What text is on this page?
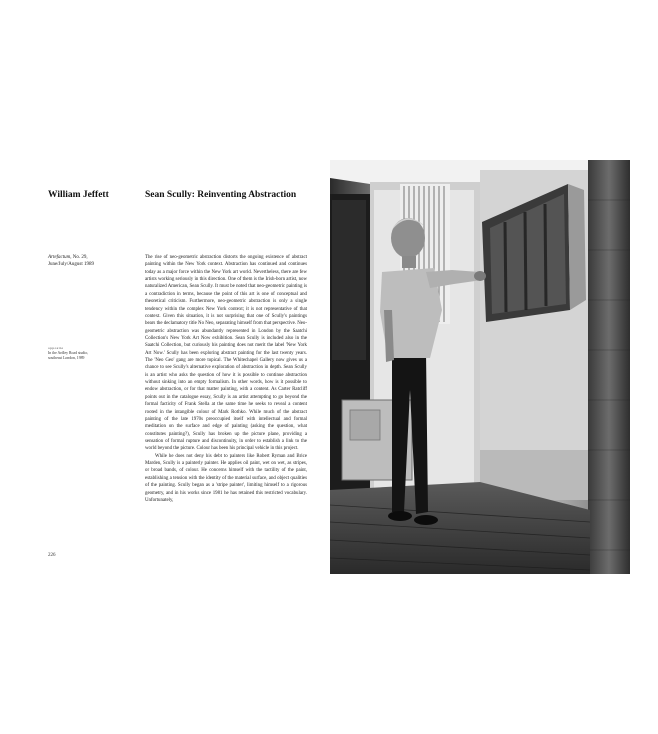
William Jeffett	Sean Scully: Reinventing Abstraction
Artefactum, No. 29,
June/July/August 1989
opposite
In the Ardley Road studio,
southeast London, 1989

The rise of neo-geometric abstraction distorts the ongoing existence of abstract painting within the New York context. Abstraction has continued and continues today as a major force within the New York art world. Nevertheless, there are few artists working seriously in this direction. One of them is the Irish-born artist, now naturalized American, Sean Scully. It must be noted that neo-geometric painting is a contradiction in terms, because the point of this art is one of conceptual and theoretical criticism. Furthermore, neo-geometric abstraction is only a single tendency within the complex New York context; it is not representative of that context. Given this situation, it is not surprising that one of Scully's paintings bears the declamatory title No Neo, separating himself from that perspective. Neo-geometric abstraction was abundantly represented in London by the Saatchi Collection's New York Art Now exhibition. Sean Scully is included also in the Saatchi Collection, but curiously his painting does not merit the label 'New York Art Now.' Scully has been exploring abstract painting for the last twenty years. The 'Neo Geo' gang are more topical. The Whitechapel Gallery now gives us a chance to see Scully's alternative exploration of abstraction in depth. Sean Scully is an artist who asks the question of how it is possible to continue abstraction without sinking into an empty formalism. In other words, how is it possible to endow abstraction, or for that matter painting, with a content. As Carter Ratcliff points out in the catalogue essay, Scully is an artist attempting to go beyond the formal facticity of Frank Stella at the same time he seeks to reveal a content rooted in the intangible colour of Mark Rothko. While much of the abstract painting of the late 1970s preoccupied itself with intellectual and formal meditation on the surface and edge of painting (asking the question, what constitutes painting?), Scully has broken up the picture plane, providing a sensation of formal rupture and discontinuity, in order to establish a link to the world beyond the picture. Colour has been his principal vehicle in this project.

While he does not deny his debt to painters like Robert Ryman and Brice Marden, Scully is a painterly painter. He applies oil paint, wet on wet, as stripes, or broad bands, of colour. He concerns himself with the tactility of the paint, establishing a tension with the identity of the material surface, and object qualities of the painting. Scully began as a 'stripe painter', limiting himself to a rigorous geometry, and in his works since 1981 he has retained this restricted vocabulary. Unfortunately,

226
